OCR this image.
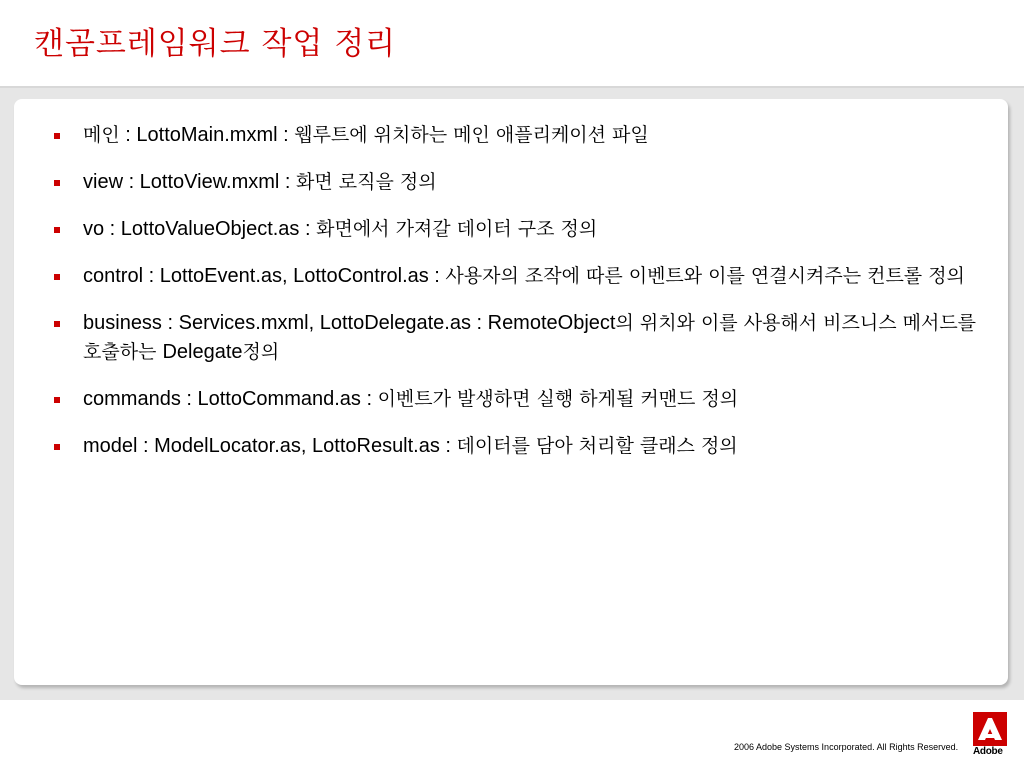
캔곰프레임워크 작업 정리
메인 : LottoMain.mxml : 웹루트에 위치하는 메인 애플리케이션 파일
view : LottoView.mxml : 화면 로직을 정의
vo : LottoValueObject.as : 화면에서 가져갈 데이터 구조 정의
control : LottoEvent.as, LottoControl.as : 사용자의 조작에 따른 이벤트와 이를 연결시켜주는 컨트롤 정의
business : Services.mxml, LottoDelegate.as : RemoteObject의 위치와 이를 사용해서 비즈니스 메서드를 호출하는 Delegate정의
commands : LottoCommand.as : 이벤트가 발생하면 실행 하게될 커맨드 정의
model : ModelLocator.as, LottoResult.as : 데이터를 담아 처리할 클래스 정의
2006 Adobe Systems Incorporated. All Rights Reserved. Adobe
